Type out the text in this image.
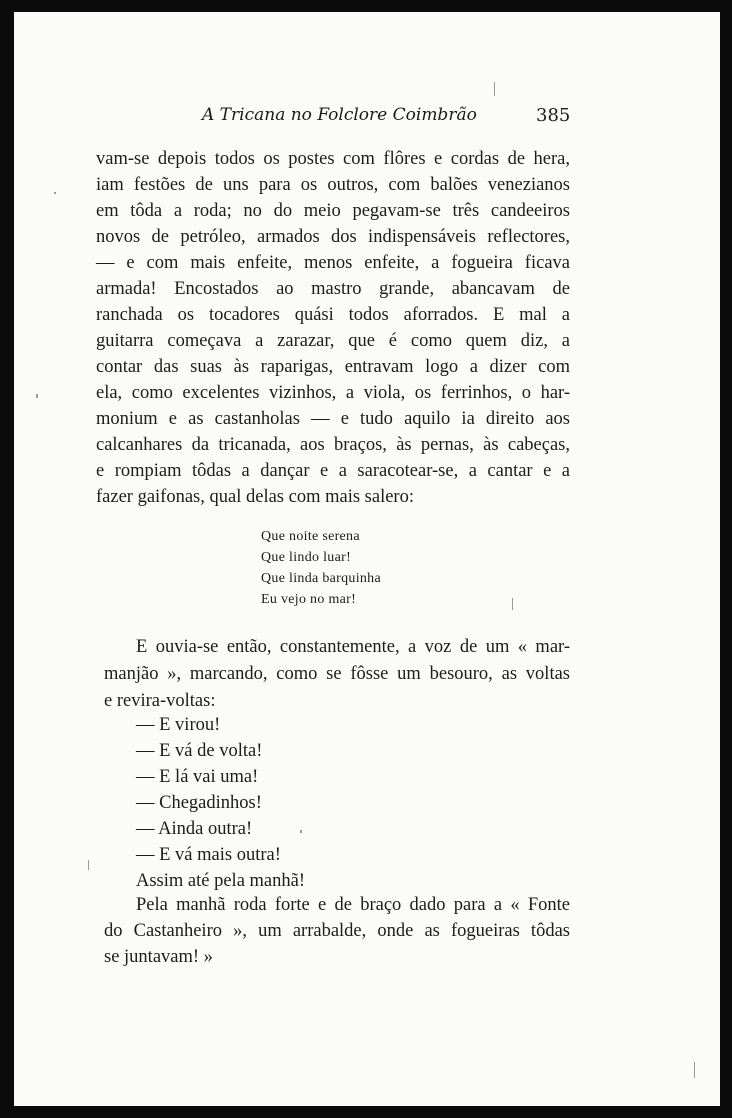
A Tricana no Folclore Coimbrão	385
vam-se depois todos os postes com flôres e cordas de hera,
iam festões de uns para os outros, com balões venezianos
em tôda a roda; no do meio pegavam-se três candeeiros
novos de petróleo, armados dos indispensáveis reflectores,
— e com mais enfeite, menos enfeite, a fogueira ficava
armada! Encostados ao mastro grande, abancavam de
ranchada os tocadores quási todos aforrados. E mal a
guitarra começava a zarazar, que é como quem diz, a
contar das suas às raparigas, entravam logo a dizer com
ela, como excelentes vizinhos, a viola, os ferrinhos, o har-
monium e as castanholas — e tudo aquilo ia direito aos
calcanhares da tricanada, aos braços, às pernas, às cabeças,
e rompiam tôdas a dançar e a saracotear-se, a cantar e a
fazer gaifonas, qual delas com mais salero:
Que noite serena
Que lindo luar!
Que linda barquinha
Eu vejo no mar!
E ouvia-se então, constantemente, a voz de um « mar-
manjão », marcando, como se fôsse um besouro, as voltas
e revira-voltas:
— E virou!
— E vá de volta!
— E lá vai uma!
— Chegadinhos!
— Ainda outra!
— E vá mais outra!
Assim até pela manhã!
Pela manhã roda forte e de braço dado para a « Fonte
do Castanheiro », um arrabalde, onde as fogueiras tôdas
se juntavam! »
